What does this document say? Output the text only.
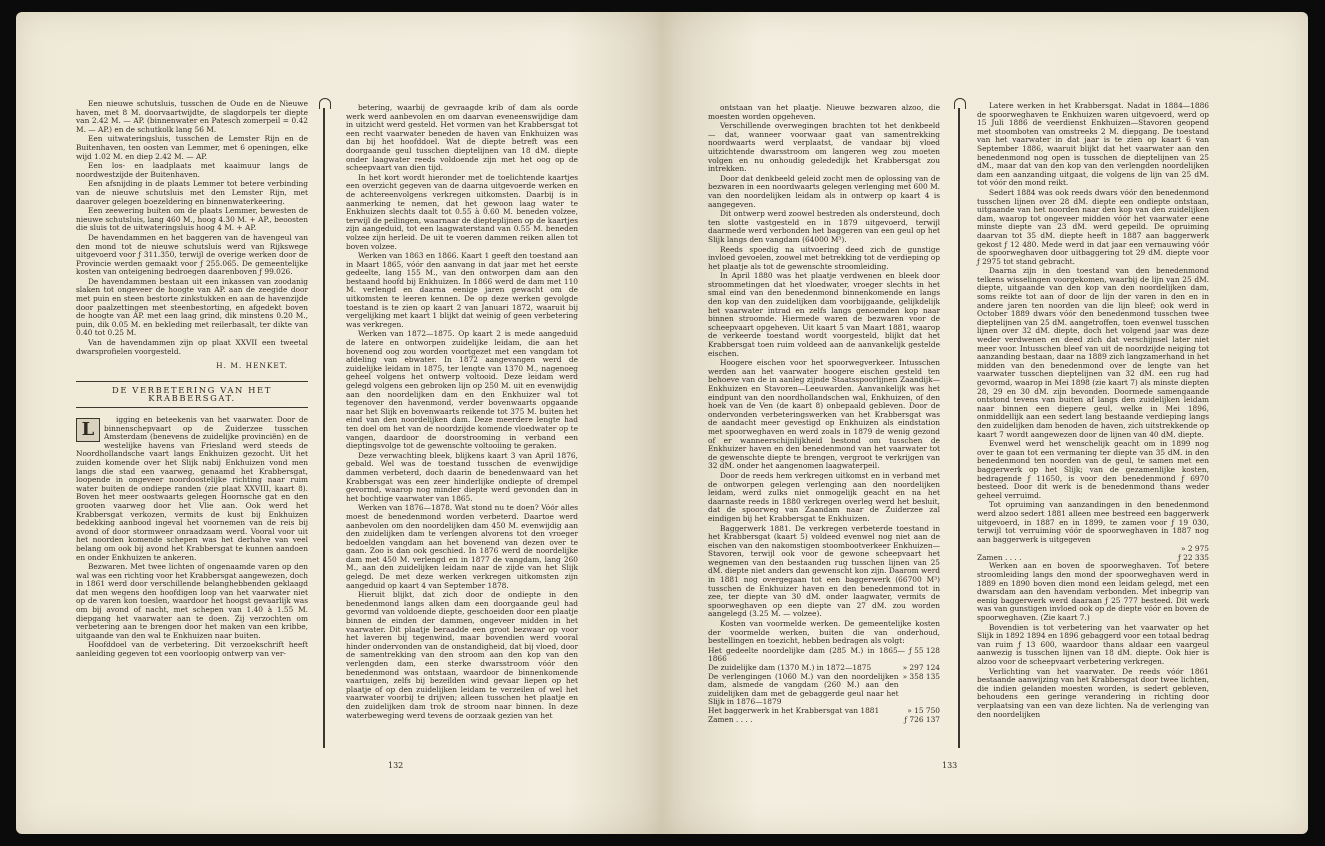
Een nieuwe schutsluis, tusschen de Oude en de Nieuwe haven, met 8 M. doorvaartwijdte, de slagdorpels ter diepte van 2.42 M. — AP. (binnenwater en Patesch zomerpeil = 0.42 M. — AP.) en de schutkolk lang 56 M.

Een uitwateringsluis, tusschen de Lemster Rijn en de Buitenhaven, ten oosten van Lemmer, met 6 openingen, elke wijd 1.02 M. en diep 2.42 M. — AP.

Een los- en laadplaats met kaaimuur langs de noordwestzijde der Buitenhaven.

Een afsnijding in de plaats Lemmer tot betere verbinding van de nieuwe schutsluis met den Lemster Rijn, met daarover gelegen boezeldering en binnenwaterkeering.

Een zeewering buiten om de plaats Lemmer, bewesten de nieuwe schutsluis, lang 460 M., hoog 4.30 M. + AP., beoosten die sluis tot de uitwateringsluis hoog 4 M. + AP.

De havendammen en het baggeren van de havengeul van den mond tot de nieuwe schutsluis werd van Rijkswege uitgevoerd voor ƒ 311.350, terwijl de overige werken door de Provincie werden gemaakt voor ƒ 255.065. De gemeentelijke kosten van onteigening bedroegen daarenboven ƒ 99.026.

De havendammen bestaan uit een inkassen van zoodanig slaken tot ongeveer de hoogte van AP. aan de zeegide door met puin en steen bestorte zinkstukken en aan de havenzijde door paalzettingen met steenbestorting, en afgedekt boven de hoogte van AP. met een laag grind, dik minstens 0.20 M., puin, dik 0.05 M. en bekleding met reilerbasalt, ter dikte van 0.40 tot 0.25 M.

Van de havendammen zijn op plaat XXVII een tweetal dwarsprofielen voorgesteld.

H. M. HENKET.
DE VERBETERING VAN HET KRABBERSGAT.
L	igging en beteekenis van het vaarwater. Door de binnenschepvaart op de Zuiderzee tusschen Amsterdam (benevens de zuidelijke provinciën) en de westelijke havens van Friesland werd steeds de Noordhollandsche vaart langs Enkhuizen gezocht. Uit het zuiden komende over het Slijk nabij Enkhuizen vond men langs die stad een vaarweg, genaamd het Krabbersgat, loopende in ongeveer noordoostelijke richting naar ruim water buiten de ondiepe randen (zie plaat XXVIII, kaart 8). Boven het meer oostwaarts gelegen Hoornsche gat en den grooten vaarweg door het Vlie aan. Ook werd het Krabbersgat verkozen, vermits de kust bij Enkhuizen bedekking aanbood ingeval het voornemen van de reis bij avond of door stormweer onraadzaam werd. Vooral voor uit het noorden komende schepen was het derhalve van veel belang om ook bij avond het Krabbersgat te kunnen aandoen en onder Enkhuizen te ankeren.

Bezwaren. Met twee lichten of ongenaamde varen op den wal was een richting voor het Krabbersgat aangewezen, doch in 1861 werd door verschillende belanghebbenden geklaagd dat men wegens den hoofdigen loop van het vaarwater niet op de varen kon toeslen, waardoor het hoogst gevaarlijk was om bij avond of nacht, met schepen van 1.40 à 1.55 M. diepgang het vaarwater aan te doen. Zij verzochten om verbetering aan te brengen door het maken van een kribbe, uitgaande van den wal te Enkhuizen naar buiten.

Hoofddoel van de verbetering. Dit verzoekschrift heeft aanleiding gegeven tot een voorloopig ontwerp van ver-

betering, waarbij de gevraagde krib of dam als oorde werk werd aanbevolen en om daarvan eveneenswijdige dam in uitzicht werd gesteld. Het vormen van het Krabbersgat tot een recht vaarwater beneden de haven van Enkhuizen was dan bij het hoofddoel. Wat de diepte betreft was een doorgaande geul tusschen dieptelijnen van 18 dM. diepte onder laagwater reeds voldoende zijn met het oog op de scheepvaart van dien tijd.

In het kort wordt hieronder met de toelichtende kaartjes een overzicht gegeven van de daarna uitgevoerde werken en de achtereenvolgens verkregen uitkomsten. Daarbij is in aanmerking te nemen, dat het gewoon laag water te Enkhuizen slechts daalt tot 0.55 à 0.60 M. beneden volzee, terwijl de peilingen, waarnaar de diepteplijnen op de kaartjes zijn aangeduid, tot een laagwaterstand van 0.55 M. beneden volzee zijn herleid. De uit te voeren dammen reiken allen tot boven volzee.

Werken van 1863 en 1866. Kaart 1 geeft den toestand aan in Maart 1865, vóór den aanvang in dat jaar met het eerste gedeelte, lang 155 M., van den ontworpen dam aan den bestaand hoofd bij Enkhuizen. In 1866 werd de dam met 110 M. verlengd en daarna eenige jaren gewacht om de uitkomsten te leeren kennen. De op deze werken gevolgde toestand is te zien op kaart 2 van Januari 1872, waaruit bij vergelijking met kaart 1 blijkt dat weinig of geen verbetering was verkregen.

Werken van 1872—1875. Op kaart 2 is mede aangeduid de latere en ontworpen zuidelijke leidam, die aan het bovenend oog zou worden voortgezet met een vangdam tot afdeling van ebwater. In 1872 aangevangen werd de zuidelijke leidam in 1875, ter lengte van 1370 M., nagenoeg geheel volgens het ontwerp voltooid. Deze leidam werd gelegd volgens een gebroken lijn op 250 M. uit en evenwijdig aan den noordelijken dam en den Enkhuizer wal tot tegenover den havenmond, verder bovenwaarts opgaande naar het Slijk en bovenwaarts reikende tot 375 M. buiten het eind van den noordelijken dam. Deze meerdere lengte had ten doel om het van de noordzijde komende vloedwater op te vangen, daardoor de doorstrooming in verband een dieptingsvolge tot de gewenschte voltooiing te geraken.

Deze verwachting bleek, blijkens kaart 3 van April 1876, gebald. Wel was de toestand tusschen de evenwijdige dammen verbeterd, doch daarin de benedenwaard van het Krabbersgat was een zeer hinderlijke ondiepte of drempel gevormd, waarop nog minder diepte werd gevonden dan in het bochtige vaarwater van 1865.

Werken van 1876—1878. Wat stond nu te doen? Vóór alles moest de benedenmond worden verbeterd. Daartoe werd aanbevolen om den noordelijken dam 450 M. evenwijdig aan den zuidelijken dam te verlengen alvorens tot den vroeger bedoelden vangdam aan het bovenend van dezen over te gaan. Zoo is dan ook geschied. In 1876 werd de noordelijke dam met 450 M. verlengd en in 1877 de vangdam, lang 260 M., aan den zuidelijken leidam naar de zijde van het Slijk gelegd. De met deze werken verkregen uitkomsten zijn aangeduid op kaart 4 van September 1878.

Hieruit blijkt, dat zich door de ondiepte in den benedenmond langs alken dam een doorgaande geul had gevormd van voldoende diepte, geschoeiden door een plaatje binnen de einden der dammen, ongeveer midden in het vaarwater. Dit plaatje beraadde een groot bezwaar op voor het laveren bij tegenwind, maar bovendien werd vooral hinder ondervonden van de onstandigheid, dat bij vloed, door de samentrekking van den stroom aan den kop van den verlengden dam, een sterke dwarsstroom vóór den benedenmond was ontstaan, waardoor de binnenkomende vaartuigen, zelfs bij bezeilden wind gevaar liepen op het plaatje of op den zuidelijken leidam te verzeilen of wel het vaarwater voorbij te drijven; alleen tusschen het plaatje en den zuidelijken dam trok de stroom naar binnen. In deze waterbeweging werd tevens de oorzaak gezien van het

132

ontstaan van het plaatje. Nieuwe bezwaren alzoo, die moesten worden opgeheven.

Verschillende overwegingen brachten tot het denkbeeld — dat, wanneer voorwaar gaat van samentrekking noordwaarts werd verplaatst, de vandaar bij vloed uitzichtende dwarsstroom om langeren weg zou moeten volgen en nu onhoudig gelededijk het Krabbersgat zou intrekken.

Door dat denkbeeld geleid zocht men de oplossing van de bezwaren in een noordwaarts gelegen verlenging met 600 M. van den noordelijken leidam als in ontwerp op kaart 4 is aangegeven.

Dit ontwerp werd zoowel bestreden als ondersteund, doch ten slotte vastgesteld en in 1879 uitgevoerd, terwijl daarmede werd verbonden het baggeren van een geul op het Slijk langs den vangdam (64000 M³).

Reeds spoedig na uitvoering deed zich de gunstige invloed gevoelen, zoowel met betrekking tot de verdieping op het plaatje als tot de gewenschte stroomleiding.

In April 1880 was het plaatje verdwenen en bleek door stroommetingen dat het vloedwater, vroeger slechts in het smal eind van den benedenmond binnenkomende en langs den kop van den zuidelijken dam voorbijgaande, gelijkdelijk het vaarwater intrad en zelfs langs genoemden kop naar binnen stroomde. Hiermede waren de bezwaren voor de scheepvaart opgeheven. Uit kaart 5 van Maart 1881, waarop de verkeerde toestand wordt voorgesteld, blijkt dat het Krabbersgat toen ruim voldeed aan de aanvankelijk gestelde eischen.

Hoogere eischen voor het spoorwegverkeer. Intusschen werden aan het vaarwater hoogere eischen gesteld ten behoeve van de in aanleg zijnde Staatsspoorlijnen Zaandijk—Enkhuizen en Stavoren—Leeuwarden. Aanvankelijk was het eindpunt van den noordhollandschen wal, Enkhuizen, of den hoek van de Ven (de kaart 8) onbepaald gebleven. Door de ondervonden verbeteringswerken van het Krabbersgat was de aandacht meer gevestigd op Enkhuizen als eindstation met spoorweghaven en werd zoals in 1879 de wenig gezond of er wanneerschijnlijkheid bestond om tusschen de Enkhuizer haven en den benedenmond van het vaarwater tot de gewenschte diepte te brengen, vergroot te verkrijgen van 32 dM. onder het aangenomen laagwaterpeil.

Door de reeds hem verkregen uitkomst en in verband met de ontworpen gelegen verlenging aan den noordelijken leidam, werd zulks niet onmogelijk geacht en na het daarnaste reeds in 1880 verkregen overleg werd het besluit, dat de spoorweg van Zaandam naar de Zuiderzee zal eindigen bij het Krabbersgat te Enkhuizen.

Baggerwerk 1881. De verkregen verbeterde toestand in het Krabbersgat (kaart 5) voldeed evenwel nog niet aan de eischen van den nakomstigen stoombootverkeer Enkhuizen—Stavoren, terwijl ook voor de gewone scheepvaart het wegnemen van den bestaanden rug tusschen lijnen van 25 dM. diepte niet anders dan gewenscht kon zijn. Daarom werd in 1881 nog overgegaan tot een baggerwerk (66700 M³) tusschen de Enkhuizer haven en den benedenmond tot in zee, ter diepte van 30 dM. onder laagwater, vermits de spoorweghaven op een diepte van 27 dM. zou worden aangelegd (3.25 M. — volzee).

Kosten van voormelde werken. De gemeentelijke kosten der voormelde werken, buiten die van onderhoud, bestellingen en toezicht, hebben bedragen als volgt:

Het gedeelte noordelijke dam (285 M.) in 1865—1866
ƒ 55 128
De zuidelijke dam (1370 M.) in 1872—1875	» 297 124
De verlengingen (1060 M.) van den noordelijken dam, alsmede de vangdam (260 M.) aan den zuidelijken dam met de gebaggerde geul naar het Slijk in 1876—1879
» 358 135
Het baggerwerk in het Krabbersgat van 1881	» 15 750
Zamen . . . .	ƒ 726 137

Latere werken in het Krabbersgat. Nadat in 1884—1886 de spoorweghaven te Enkhuizen waren uitgevoerd, werd op 15 Juli 1886 de veerdienst Enkhuizen—Stavoren geopend met stoomboten van omstreeks 2 M. diepgang. De toestand van het vaarwater in dat jaar is te zien op kaart 6 van September 1886, waaruit blijkt dat het vaarwater aan den benedenmond nog open is tusschen de dieptelijnen van 25 dM., maar dat van den kop van den verlengden noordelijken dam een aanzanding uitgaat, die volgens de lijn van 25 dM. tot vóór den mond reikt.

Sedert 1884 was ook reeds dwars vóór den benedenmond tusschen lijnen over 28 dM. diepte een ondiepte ontstaan, uitgaande van het noorden naar den kop van den zuidelijken dam, waarop tot ongeveer midden vóór het vaarwater eene minste diepte van 23 dM. werd gepeild. De opruiming daarvan tot 35 dM. diepte heeft in 1887 aan baggerwerk gekost ƒ 12 480. Mede werd in dat jaar een vernauwing vóór de spoorweghaven door uitbaggering tot 29 dM. diepte voor ƒ 2975 tot stand gebracht.

Daarna zijn in den toestand van den benedenmond telkens wisselingen voorgekomen, waarbij de lijn van 25 dM. diepte, uitgaande van den kop van den noordelijken dam, soms reikte tot aan of door de lijn der varen in den en in andere jaren ten noorden van die lijn bleef; ook werd in October 1889 dwars vóór den benedenmond tusschen twee dieptelijnen van 25 dM. aangetroffen, toen evenwel tusschen lijnen over 32 dM. diepte, doch het volgend jaar was deze weder verdwenen en deed zich dat verschijnsel later niet meer voor. Intusschen bleef van uit de noordzijde neiging tot aanzanding bestaan, daar na 1889 zich langzamerhand in het midden van den benedenmond over de lengte van het vaarwater tusschen dieptelijnen van 32 dM. een rug had gevormd, waarop in Mei 1898 (zie kaart 7) als minste diepten 28, 29 en 30 dM. zijn bevonden. Doormede samengaande ontstond tevens van buiten af langs den zuidelijken leidam naar binnen een diepere geul, welke in Mei 1896, onmiddellijk aan een sedert lang bestaande verdieping langs den zuidelijken dam benoden de haven, zich uitstrekkende op kaart 7 wordt aangewezen door de lijnen van 40 dM. diepte.

Evenwel werd het wenschelijk geacht om in 1899 nog over te gaan tot een vermaning ter diepte van 35 dM. in den benedenmond ten noorden van de geul, te samen met een baggerwerk op het Slijk; van de gezamenlijke kosten, bedragende ƒ 11650, is voor den benedenmond ƒ 6970 besteed. Door dit werk is de benedenmond thans weder geheel verruimd.

Tot opruiming van aanzandingen in den benedenmond werd alzoo sedert 1881 alleen mee bestreed een baggerwerk uitgevoerd, in 1887 en in 1899, te zamen voor ƒ 19 030, terwijl tot verruiming vóór de spoorweghaven in 1887 nog aan baggerwerk is uitgegeven

» 2 975
Zamen . . . .	ƒ 22 335

Werken aan en boven de spoorweghaven. Tot betere stroomleiding langs den mond der spoorweghaven werd in 1889 en 1890 boven dien mond een leidam gelegd, met een dwarsdam aan den havendam verbonden. Met inbegrip van eenig baggerwerk werd daaraan ƒ 25 777 besteed. Dit werk was van gunstigen invloed ook op de diepte vóór en boven de spoorweghaven. (Zie kaart 7.)

Bovendien is tot verbetering van het vaarwater op het Slijk in 1892 1894 en 1896 gebaggerd voor een totaal bedrag van ruim ƒ 13 600, waardoor thans aldaar een vaargeul aanwezig is tusschen lijnen van 18 dM. diepte. Ook hier is alzoo voor de scheepvaart verbetering verkregen.

Verlichting van het vaarwater. De reeds vóór 1861 bestaande aanwijzing van het Krabbersgat door twee lichten, die indien gelanden moesten worden, is sedert gebleven, behoudens een geringe verandering in richting door verplaatsing van een van deze lichten. Na de verlenging van den noordelijken

133
